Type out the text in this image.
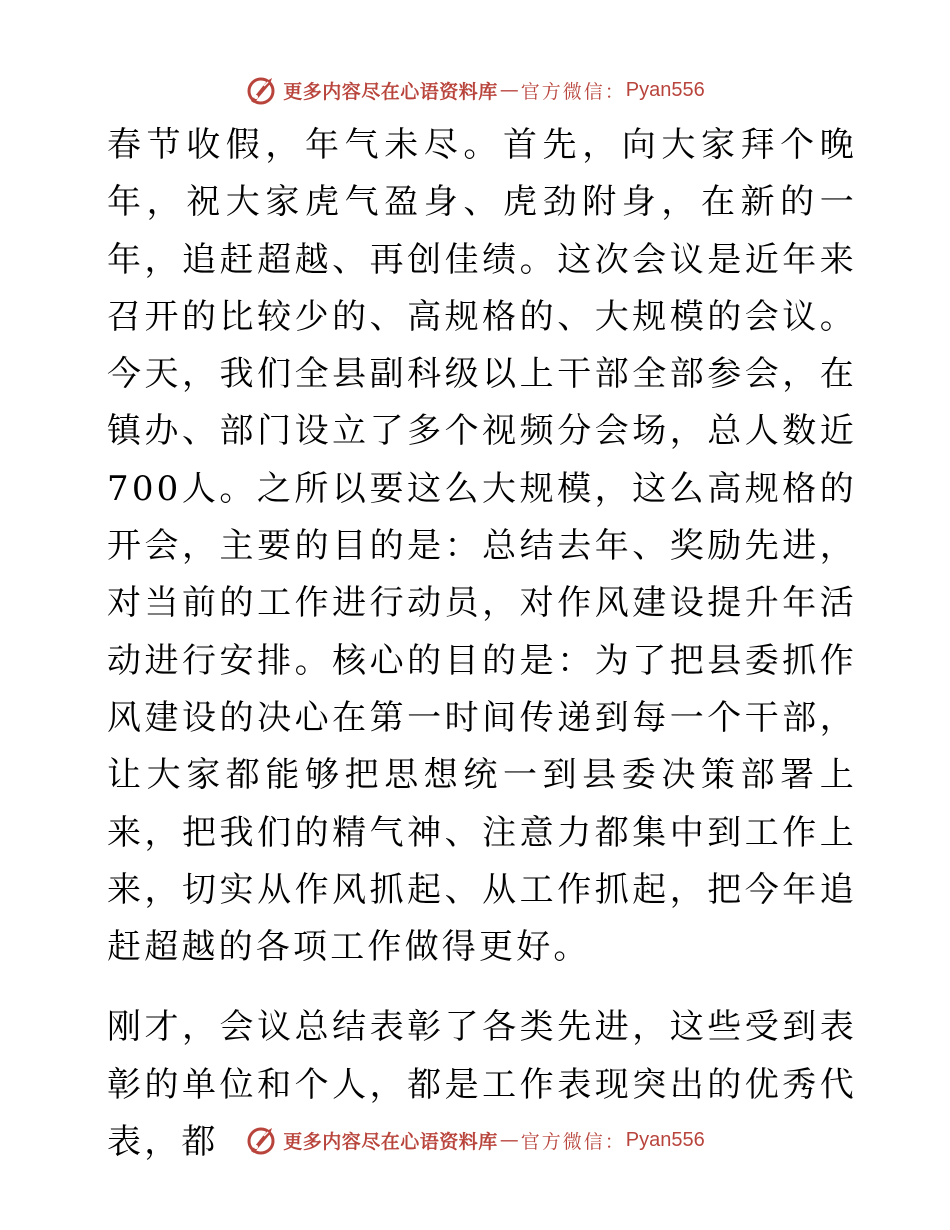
更多内容尽在心语资料库 — 官方微信： Pyan556

春节收假，年气未尽。首先，向大家拜个晚年，祝大家虎气盈身、虎劲附身，在新的一年，追赶超越、再创佳绩。这次会议是近年来召开的比较少的、高规格的、大规模的会议。今天，我们全县副科级以上干部全部参会，在镇办、部门设立了多个视频分会场，总人数近700人。之所以要这么大规模，这么高规格的开会，主要的目的是：总结去年、奖励先进，对当前的工作进行动员，对作风建设提升年活动进行安排。核心的目的是：为了把县委抓作风建设的决心在第一时间传递到每一个干部，让大家都能够把思想统一到县委决策部署上来，把我们的精气神、注意力都集中到工作上来，切实从作风抓起、从工作抓起，把今年追赶超越的各项工作做得更好。

刚才，会议总结表彰了各类先进，这些受到表彰的单位和个人，都是工作表现突出的优秀代表，都	更多内容尽在心语资料库 — 官方微信： Pyan556
